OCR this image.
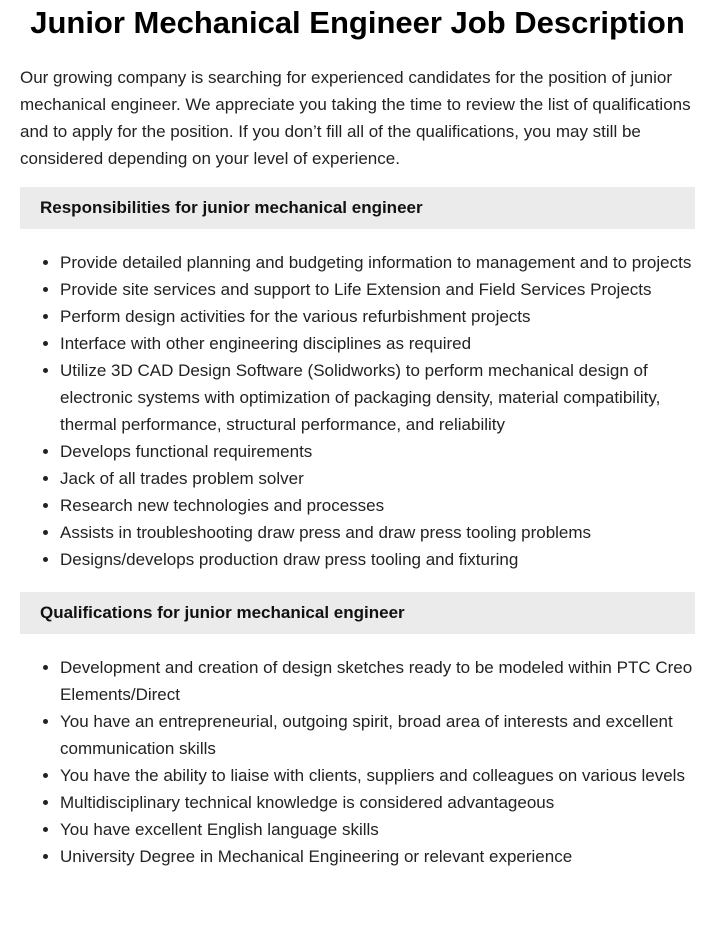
Junior Mechanical Engineer Job Description

Our growing company is searching for experienced candidates for the position of junior mechanical engineer. We appreciate you taking the time to review the list of qualifications and to apply for the position. If you don’t fill all of the qualifications, you may still be considered depending on your level of experience.

Responsibilities for junior mechanical engineer
• Provide detailed planning and budgeting information to management and to projects
• Provide site services and support to Life Extension and Field Services Projects
• Perform design activities for the various refurbishment projects
• Interface with other engineering disciplines as required
• Utilize 3D CAD Design Software (Solidworks) to perform mechanical design of electronic systems with optimization of packaging density, material compatibility, thermal performance, structural performance, and reliability
• Develops functional requirements
• Jack of all trades problem solver
• Research new technologies and processes
• Assists in troubleshooting draw press and draw press tooling problems
• Designs/develops production draw press tooling and fixturing
Qualifications for junior mechanical engineer
• Development and creation of design sketches ready to be modeled within PTC Creo Elements/Direct
• You have an entrepreneurial, outgoing spirit, broad area of interests and excellent communication skills
• You have the ability to liaise with clients, suppliers and colleagues on various levels
• Multidisciplinary technical knowledge is considered advantageous
• You have excellent English language skills
• University Degree in Mechanical Engineering or relevant experience
